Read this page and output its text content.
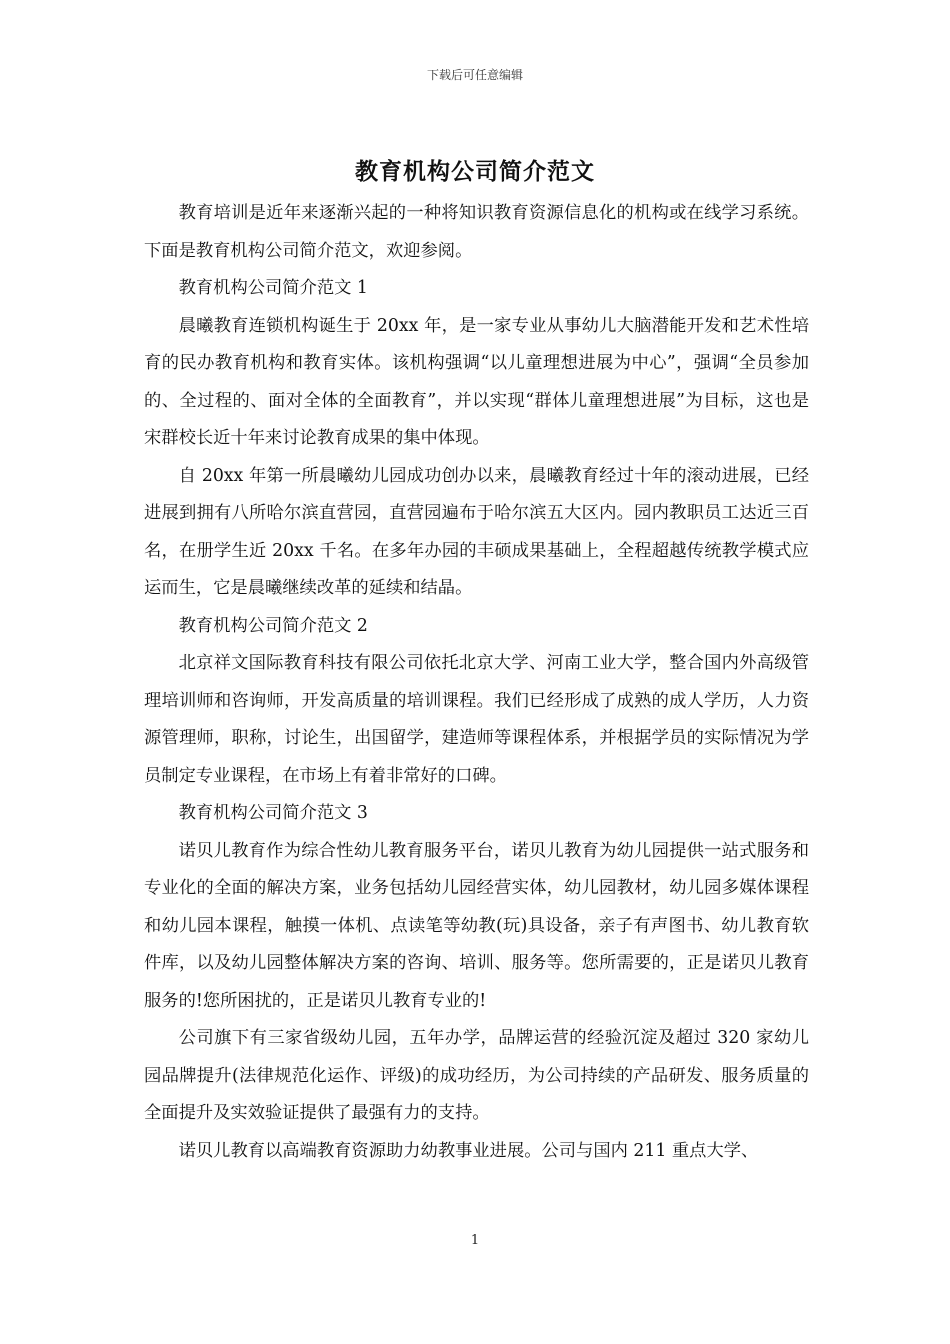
下载后可任意编辑
教育机构公司简介范文

教育培训是近年来逐渐兴起的一种将知识教育资源信息化的机构或在线学习系统。下面是教育机构公司简介范文，欢迎参阅。

教育机构公司简介范文 1

晨曦教育连锁机构诞生于 20xx 年，是一家专业从事幼儿大脑潜能开发和艺术性培育的民办教育机构和教育实体。该机构强调“以儿童理想进展为中心”，强调“全员参加的、全过程的、面对全体的全面教育”，并以实现“群体儿童理想进展”为目标，这也是宋群校长近十年来讨论教育成果的集中体现。

自 20xx 年第一所晨曦幼儿园成功创办以来，晨曦教育经过十年的滚动进展，已经进展到拥有八所哈尔滨直营园，直营园遍布于哈尔滨五大区内。园内教职员工达近三百名，在册学生近 20xx 千名。在多年办园的丰硕成果基础上，全程超越传统教学模式应运而生，它是晨曦继续改革的延续和结晶。

教育机构公司简介范文 2

北京祥文国际教育科技有限公司依托北京大学、河南工业大学，整合国内外高级管理培训师和咨询师，开发高质量的培训课程。我们已经形成了成熟的成人学历，人力资源管理师，职称，讨论生，出国留学，建造师等课程体系，并根据学员的实际情况为学员制定专业课程，在市场上有着非常好的口碑。

教育机构公司简介范文 3

诺贝儿教育作为综合性幼儿教育服务平台，诺贝儿教育为幼儿园提供一站式服务和专业化的全面的解决方案，业务包括幼儿园经营实体，幼儿园教材，幼儿园多媒体课程和幼儿园本课程，触摸一体机、点读笔等幼教(玩)具设备，亲子有声图书、幼儿教育软件库，以及幼儿园整体解决方案的咨询、培训、服务等。您所需要的，正是诺贝儿教育服务的!您所困扰的，正是诺贝儿教育专业的!

公司旗下有三家省级幼儿园，五年办学，品牌运营的经验沉淀及超过 320 家幼儿园品牌提升(法律规范化运作、评级)的成功经历，为公司持续的产品研发、服务质量的全面提升及实效验证提供了最强有力的支持。

诺贝儿教育以高端教育资源助力幼教事业进展。公司与国内 211 重点大学、

1
